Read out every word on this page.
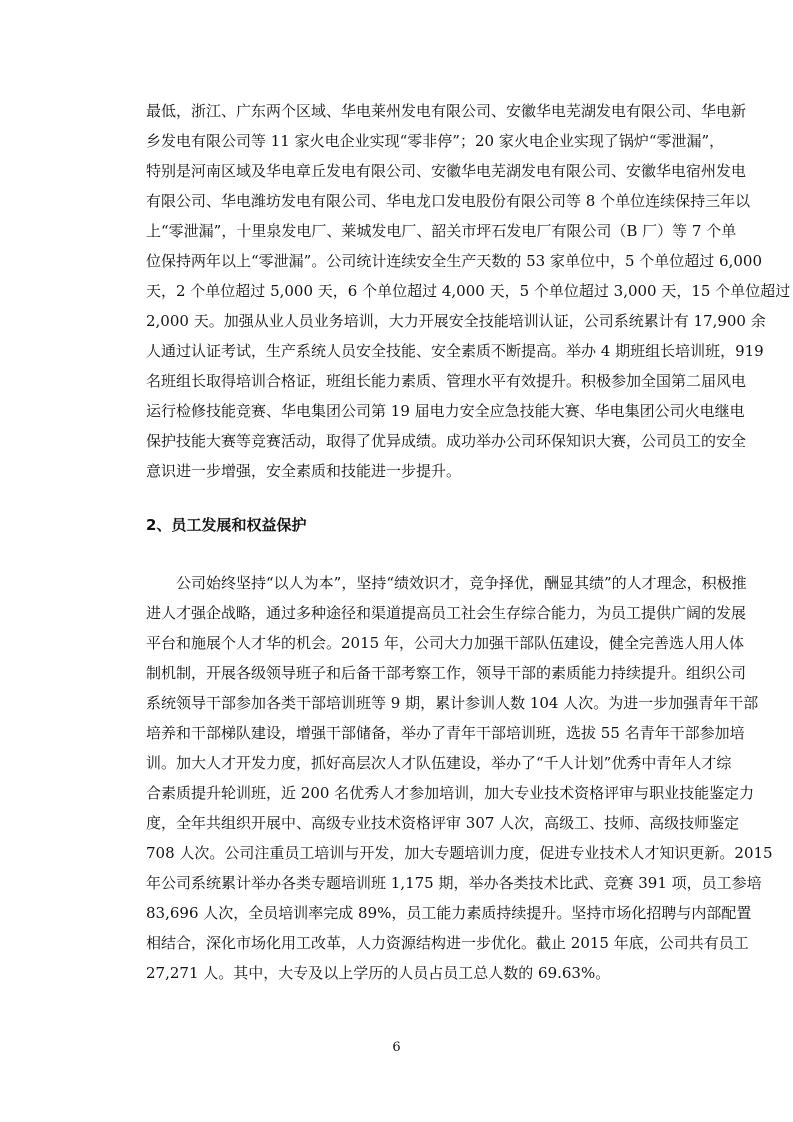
最低，浙江、广东两个区域、华电莱州发电有限公司、安徽华电芜湖发电有限公司、华电新
乡发电有限公司等 11 家火电企业实现“零非停”；20 家火电企业实现了锅炉“零泄漏”，
特别是河南区域及华电章丘发电有限公司、安徽华电芜湖发电有限公司、安徽华电宿州发电
有限公司、华电潍坊发电有限公司、华电龙口发电股份有限公司等 8 个单位连续保持三年以
上“零泄漏”，十里泉发电厂、莱城发电厂、韶关市坪石发电厂有限公司（B 厂）等 7 个单
位保持两年以上“零泄漏”。公司统计连续安全生产天数的 53 家单位中，5 个单位超过 6,000
天，2 个单位超过 5,000 天，6 个单位超过 4,000 天，5 个单位超过 3,000 天，15 个单位超过
2,000 天。加强从业人员业务培训，大力开展安全技能培训认证，公司系统累计有 17,900 余
人通过认证考试，生产系统人员安全技能、安全素质不断提高。举办 4 期班组长培训班，919
名班组长取得培训合格证，班组长能力素质、管理水平有效提升。积极参加全国第二届风电
运行检修技能竞赛、华电集团公司第 19 届电力安全应急技能大赛、华电集团公司火电继电
保护技能大赛等竞赛活动，取得了优异成绩。成功举办公司环保知识大赛，公司员工的安全
意识进一步增强，安全素质和技能进一步提升。
2、员工发展和权益保护
公司始终坚持“以人为本”，坚持“绩效识才，竞争择优，酬显其绩”的人才理念，积极推
进人才强企战略，通过多种途径和渠道提高员工社会生存综合能力，为员工提供广阔的发展
平台和施展个人才华的机会。2015 年，公司大力加强干部队伍建设，健全完善选人用人体
制机制，开展各级领导班子和后备干部考察工作，领导干部的素质能力持续提升。组织公司
系统领导干部参加各类干部培训班等 9 期，累计参训人数 104 人次。为进一步加强青年干部
培养和干部梯队建设，增强干部储备，举办了青年干部培训班，选拔 55 名青年干部参加培
训。加大人才开发力度，抓好高层次人才队伍建设，举办了“千人计划”优秀中青年人才综
合素质提升轮训班，近 200 名优秀人才参加培训，加大专业技术资格评审与职业技能鉴定力
度，全年共组织开展中、高级专业技术资格评审 307 人次，高级工、技师、高级技师鉴定
708 人次。公司注重员工培训与开发，加大专题培训力度，促进专业技术人才知识更新。2015
年公司系统累计举办各类专题培训班 1,175 期，举办各类技术比武、竞赛 391 项，员工参培
83,696 人次，全员培训率完成 89%，员工能力素质持续提升。坚持市场化招聘与内部配置
相结合，深化市场化用工改革，人力资源结构进一步优化。截止 2015 年底，公司共有员工
27,271 人。其中，大专及以上学历的人员占员工总人数的 69.63%。
6
